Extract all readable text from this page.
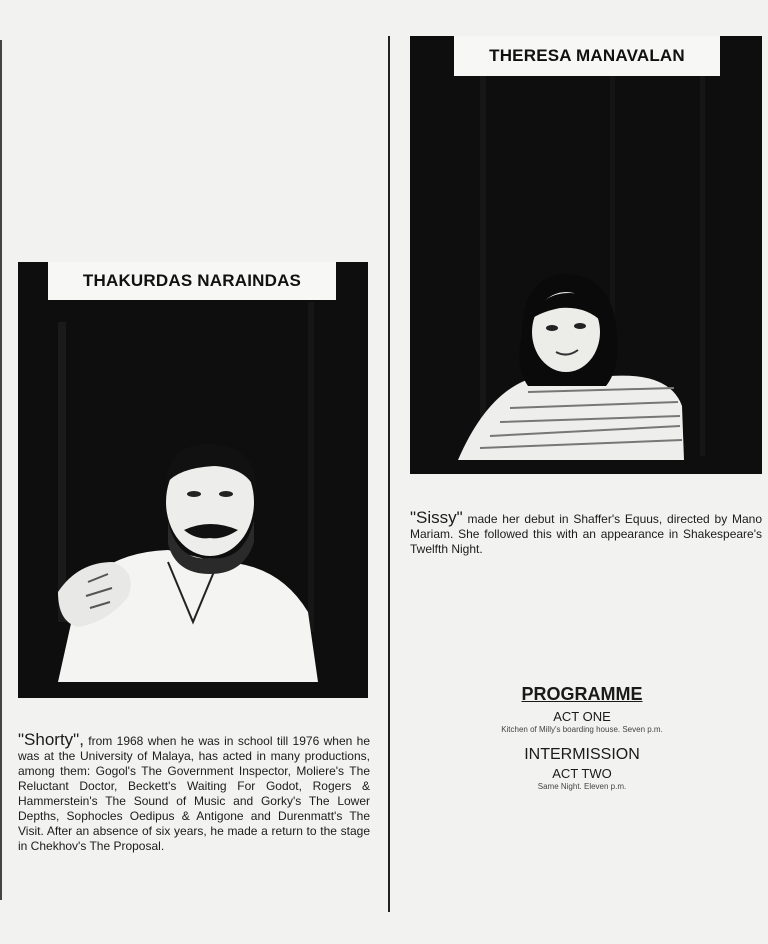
THAKURDAS NARAINDAS
THERESA MANAVALAN
"Sissy" made her debut in Shaffer's Equus, directed by Mano Mariam. She followed this with an appearance in Shakespeare's Twelfth Night.
"Shorty", from 1968 when he was in school till 1976 when he was at the University of Malaya, has acted in many productions, among them: Gogol's The Government Inspector, Moliere's The Reluctant Doctor, Beckett's Waiting For Godot, Rogers & Hammerstein's The Sound of Music and Gorky's The Lower Depths, Sophocles Oedipus & Antigone and Durenmatt's The Visit. After an absence of six years, he made a return to the stage in Chekhov's The Proposal.
PROGRAMME
ACT ONE
Kitchen of Milly's boarding house. Seven p.m.
INTERMISSION
ACT TWO
Same Night. Eleven p.m.
